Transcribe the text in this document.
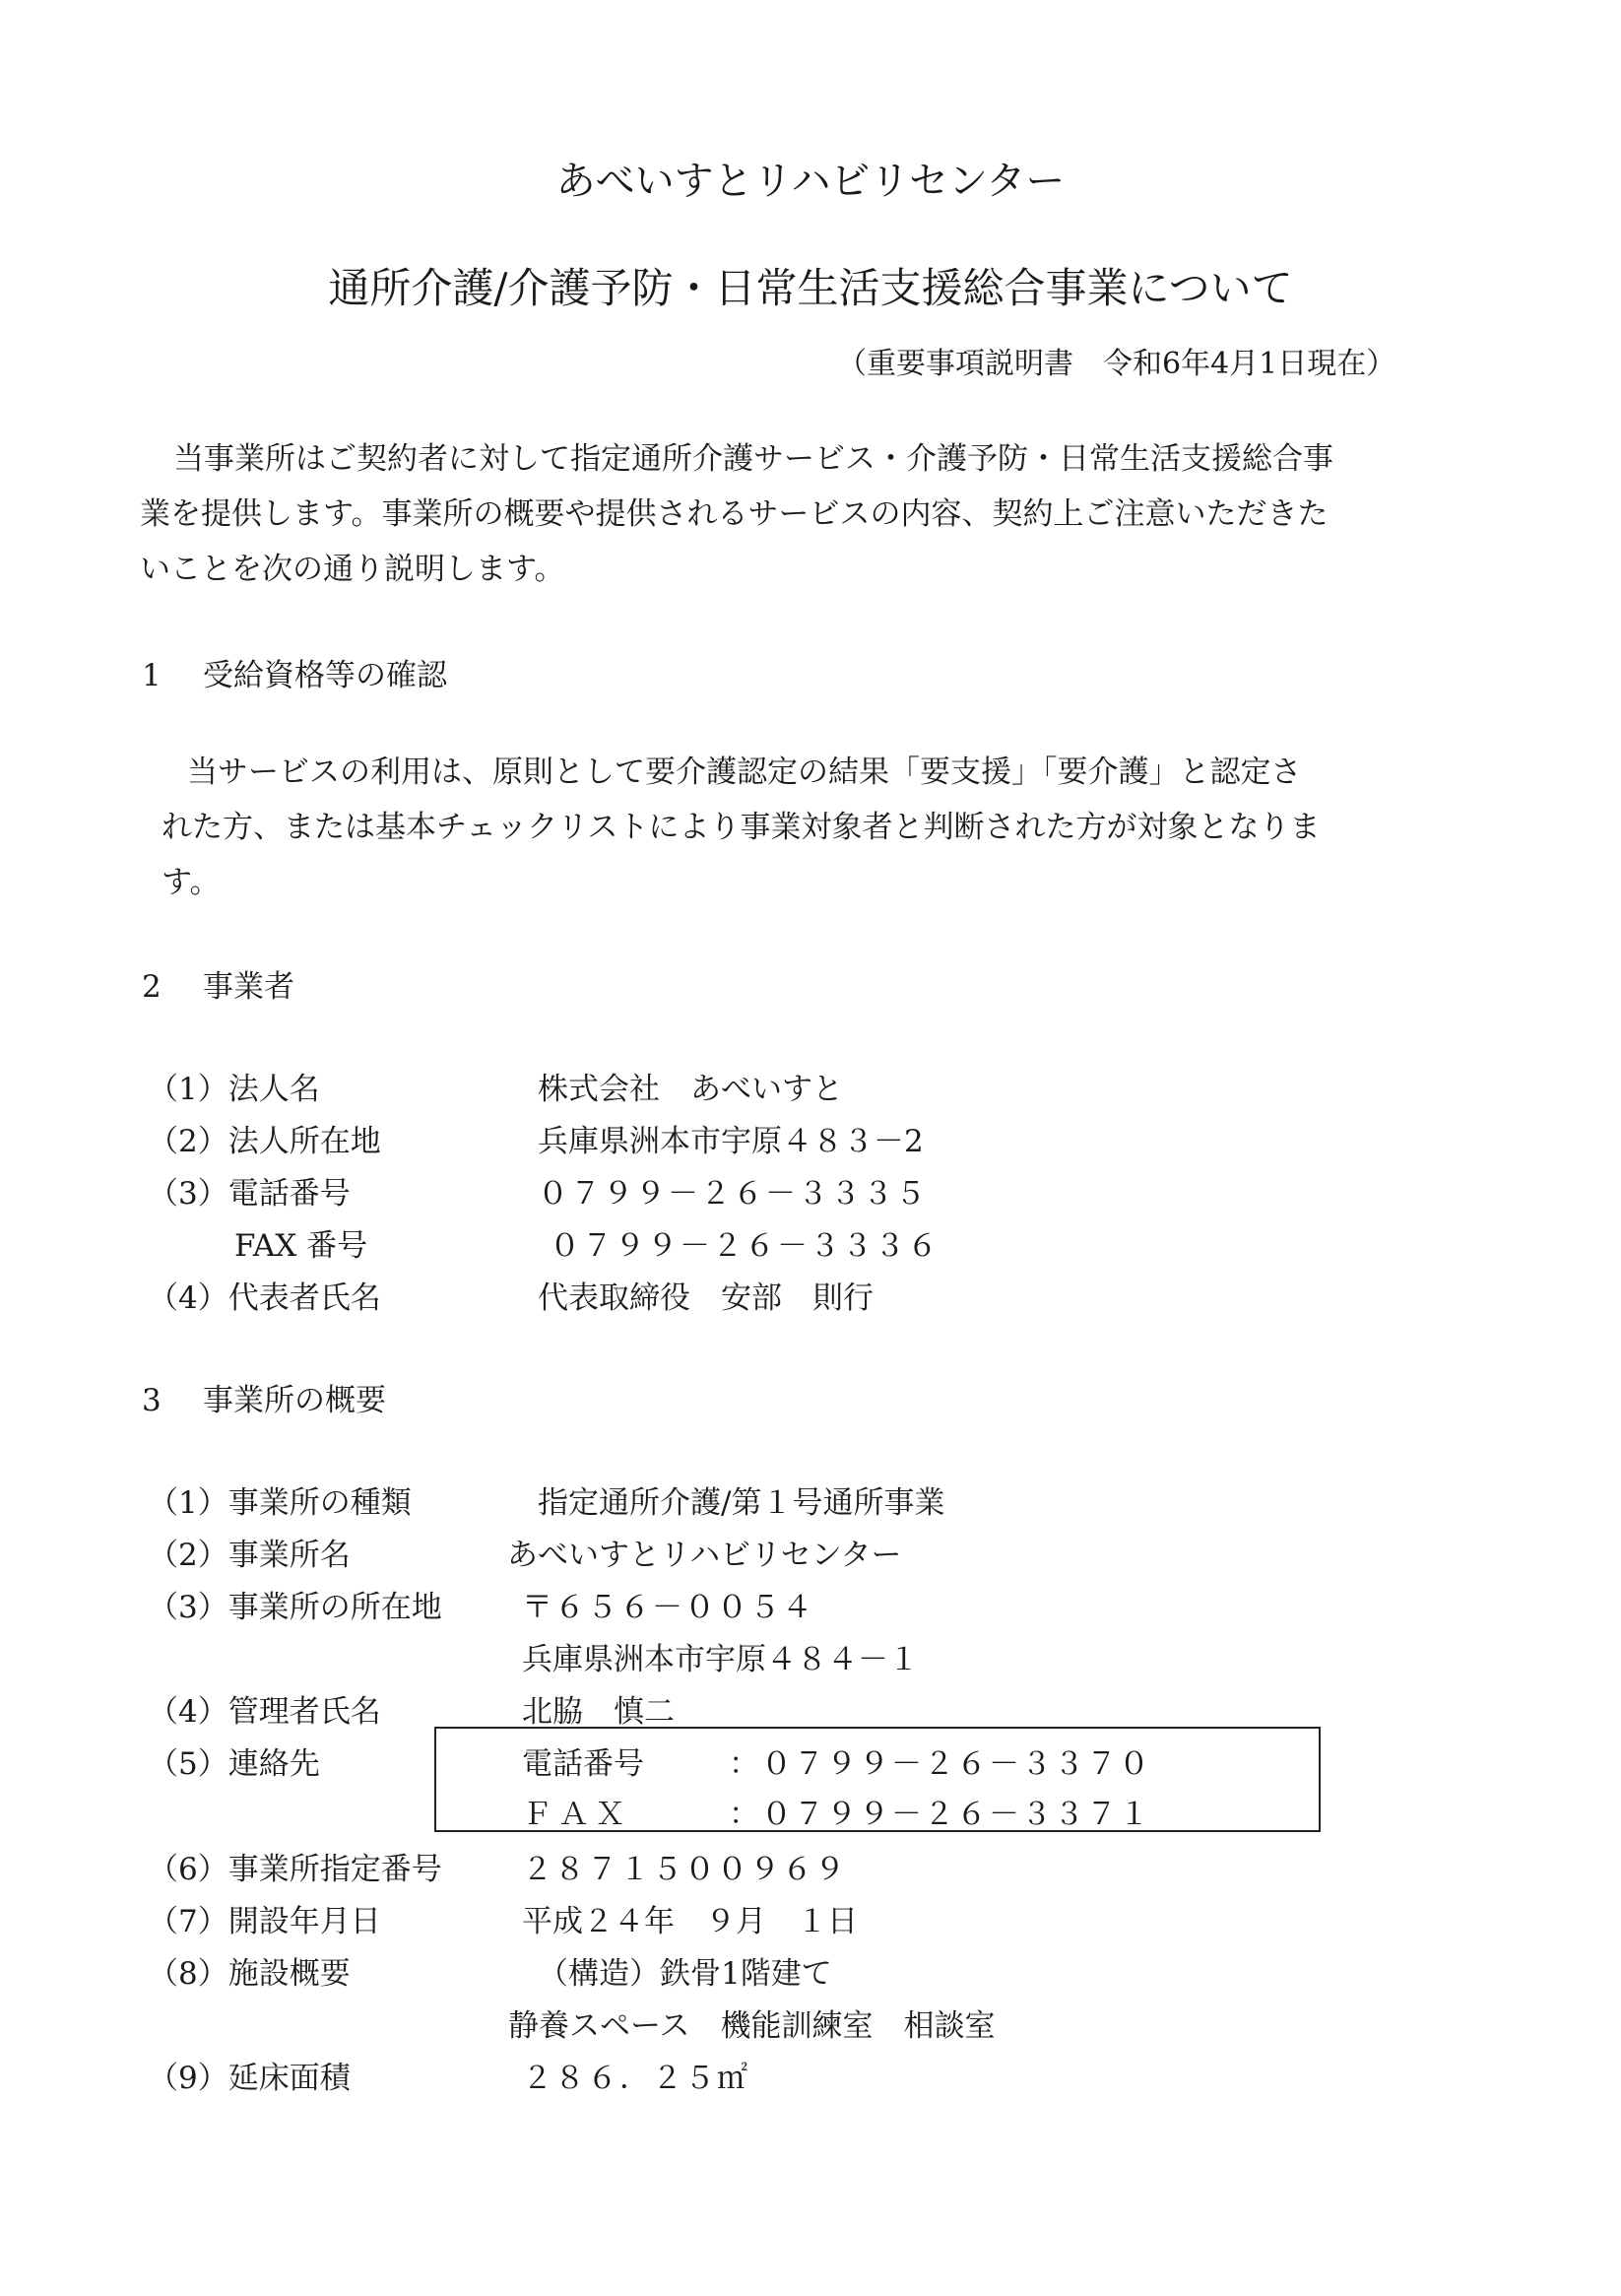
あべいすとリハビリセンター
通所介護/介護予防・日常生活支援総合事業について
（重要事項説明書　令和6年4月1日現在）
当事業所はご契約者に対して指定通所介護サービス・介護予防・日常生活支援総合事
業を提供します。事業所の概要や提供されるサービスの内容、契約上ご注意いただきた
いことを次の通り説明します。
1 受給資格等の確認
当サービスの利用は、原則として要介護認定の結果「要支援」「要介護」と認定さ
れた方、または基本チェックリストにより事業対象者と判断された方が対象となりま
す。
2 事業者
（1）法人名	株式会社　あべいすと
（2）法人所在地	兵庫県洲本市宇原４８３－2
（3）電話番号	０７９９－２６－３３３５
FAX 番号	０７９９－２６－３３３６
（4）代表者氏名	代表取締役　安部　則行
3 事業所の概要
（1）事業所の種類	指定通所介護/第１号通所事業
（2）事業所名	あべいすとリハビリセンター
（3）事業所の所在地	〒６５６－００５４
兵庫県洲本市宇原４８４－１
（4）管理者氏名	北脇　慎二
（5）連絡先	電話番号	：０７９９－２６－３３７０
ＦＡＸ	：０７９９－２６－３３７１
（6）事業所指定番号	２８７１５００９６９
（7）開設年月日	平成２４年　９月　１日
（8）施設概要	（構造）鉄骨1階建て
静養スペース　機能訓練室　相談室
（9）延床面積	２８６．２５㎡
